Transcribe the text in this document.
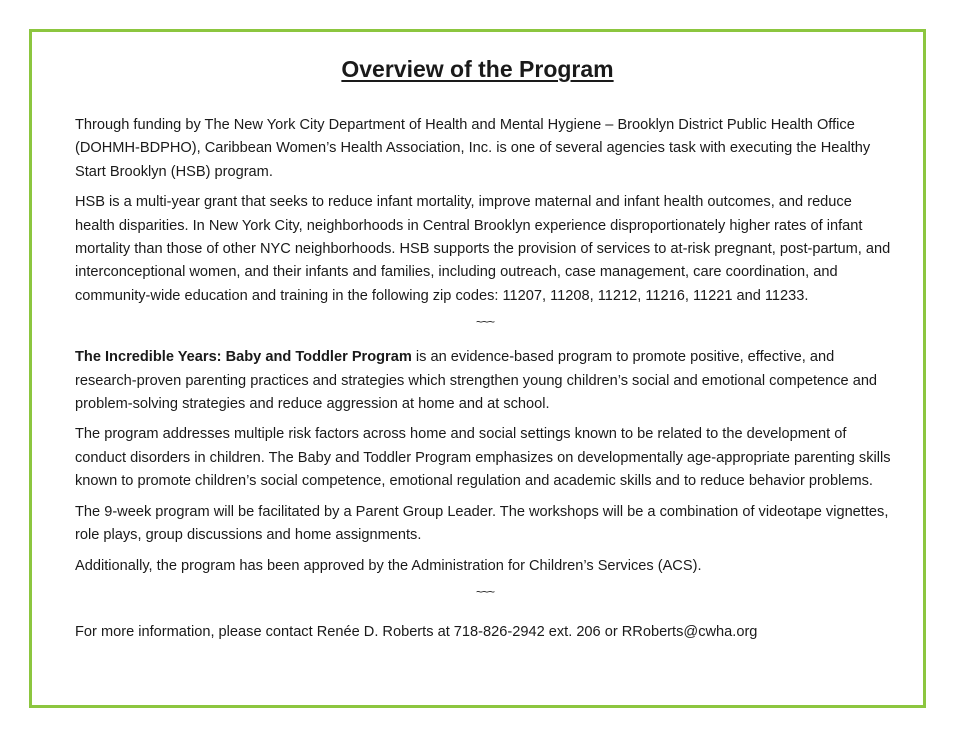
Overview of the Program

Through funding by The New York City Department of Health and Mental Hygiene – Brooklyn District Public Health Office (DOHMH-BDPHO), Caribbean Women’s Health Association, Inc. is one of several agencies task with executing the Healthy Start Brooklyn (HSB) program.

HSB is a multi-year grant that seeks to reduce infant mortality, improve maternal and infant health outcomes, and reduce health disparities. In New York City, neighborhoods in Central Brooklyn experience disproportionately higher rates of infant mortality than those of other NYC neighborhoods. HSB supports the provision of services to at-risk pregnant, post-partum, and interconceptional women, and their infants and families, including outreach, case management, care coordination, and community-wide education and training in the following zip codes: 11207, 11208, 11212, 11216, 11221 and 11233.

~~~

The Incredible Years: Baby and Toddler Program is an evidence-based program to promote positive, effective, and research-proven parenting practices and strategies which strengthen young children’s social and emotional competence and problem-solving strategies and reduce aggression at home and at school.

The program addresses multiple risk factors across home and social settings known to be related to the development of conduct disorders in children. The Baby and Toddler Program emphasizes on developmentally age-appropriate parenting skills known to promote children’s social competence, emotional regulation and academic skills and to reduce behavior problems.

The 9-week program will be facilitated by a Parent Group Leader. The workshops will be a combination of videotape vignettes, role plays, group discussions and home assignments.

Additionally, the program has been approved by the Administration for Children’s Services (ACS).

~~~

For more information, please contact Renée D. Roberts at 718-826-2942 ext. 206 or RRoberts@cwha.org
